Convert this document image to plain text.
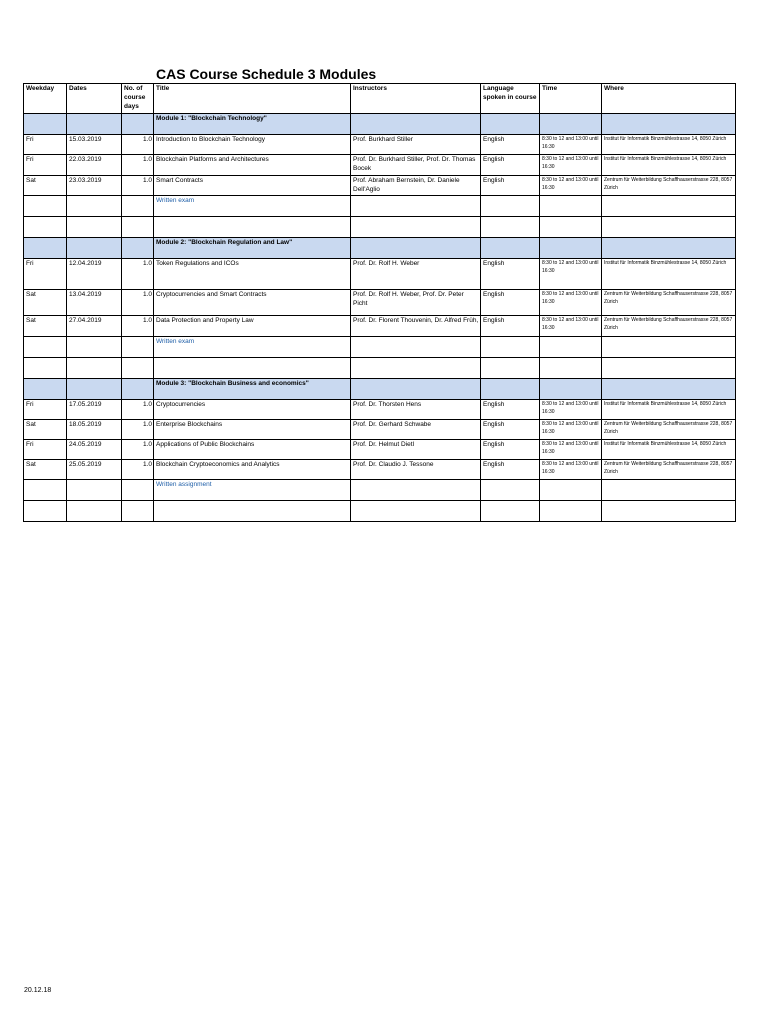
CAS Course Schedule 3 Modules
Weekday	Dates	No. of course days	Title	Instructors	Language spoken in course	Time	Where
			Module 1: "Blockchain Technology"				
Fri	15.03.2019	1.0	Introduction to Blockchain Technology	Prof. Burkhard Stiller	English	8:30 to 12 and 13:00 until 16:30	Institut für Informatik Binzmühlestrasse 14, 8050 Zürich
Fri	22.03.2019	1.0	Blockchain Platforms and Architectures	Prof. Dr. Burkhard Stiller, Prof. Dr. Thomas Bocek	English	8:30 to 12 and 13:00 until 16:30	Institut für Informatik Binzmühlestrasse 14, 8050 Zürich
Sat	23.03.2019	1.0	Smart Contracts	Prof. Abraham Bernstein, Dr. Daniele Dell'Aglio	English	8:30 to 12 and 13:00 until 16:30	Zentrum für Weiterbildung Schaffhauserstrasse 228, 8057 Zürich
			Written exam				

			Module 2: "Blockchain Regulation and Law"				
Fri	12.04.2019	1.0	Token Regulations and ICOs	Prof. Dr. Rolf H. Weber	English	8:30 to 12 and 13:00 until 16:30	Institut für Informatik Binzmühlestrasse 14, 8050 Zürich
Sat	13.04.2019	1.0	Cryptocurrencies and Smart Contracts	Prof. Dr. Rolf H. Weber, Prof. Dr. Peter Picht	English	8:30 to 12 and 13:00 until 16:30	Zentrum für Weiterbildung Schaffhauserstrasse 228, 8057 Zürich
Sat	27.04.2019	1.0	Data Protection and Property Law	Prof. Dr. Florent Thouvenin, Dr. Alfred Früh,	English	8:30 to 12 and 13:00 until 16:30	Zentrum für Weiterbildung Schaffhauserstrasse 228, 8057 Zürich
			Written exam				

			Module 3: "Blockchain Business and economics"				
Fri	17.05.2019	1.0	Cryptocurrencies	Prof. Dr. Thorsten Hens	English	8:30 to 12 and 13:00 until 16:30	Institut für Informatik Binzmühlestrasse 14, 8050 Zürich
Sat	18.05.2019	1.0	Enterprise Blockchains	Prof. Dr. Gerhard Schwabe	English	8:30 to 12 and 13:00 until 16:30	Zentrum für Weiterbildung Schaffhauserstrasse 228, 8057 Zürich
Fri	24.05.2019	1.0	Applications of Public Blockchains	Prof. Dr. Helmut Dietl	English	8:30 to 12 and 13:00 until 16:30	Institut für Informatik Binzmühlestrasse 14, 8050 Zürich
Sat	25.05.2019	1.0	Blockchain Cryptoeconomics and Analytics	Prof. Dr. Claudio J. Tessone	English	8:30 to 12 and 13:00 until 16:30	Zentrum für Weiterbildung Schaffhauserstrasse 228, 8057 Zürich
			Written assignment				

20.12.18
